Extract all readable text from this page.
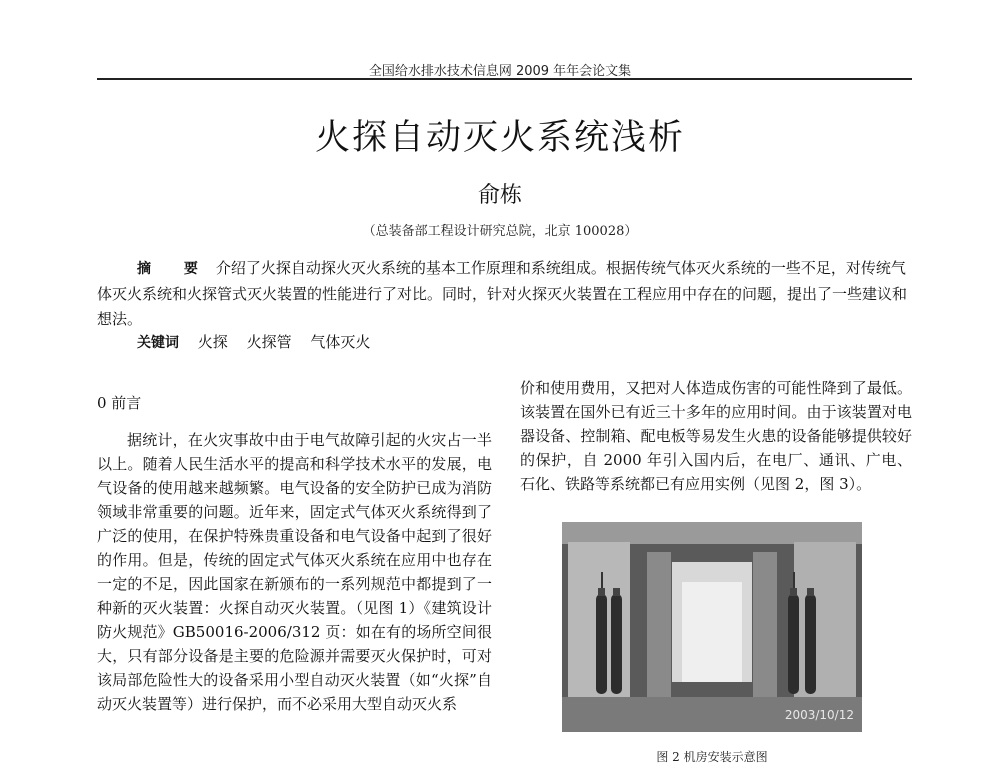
全国给水排水技术信息网 2009 年年会论文集
火探自动灭火系统浅析
俞栋
（总装备部工程设计研究总院，北京 100028）
摘 要 介绍了火探自动探火灭火系统的基本工作原理和系统组成。根据传统气体灭火系统的一些不足，对传统气体灭火系统和火探管式灭火装置的性能进行了对比。同时，针对火探灭火装置在工程应用中存在的问题，提出了一些建议和想法。
关键词 火探 火探管 气体灭火
0 前言
据统计，在火灾事故中由于电气故障引起的火灾占一半以上。随着人民生活水平的提高和科学技术水平的发展，电气设备的使用越来越频繁。电气设备的安全防护已成为消防领域非常重要的问题。近年来，固定式气体灭火系统得到了广泛的使用，在保护特殊贵重设备和电气设备中起到了很好的作用。但是，传统的固定式气体灭火系统在应用中也存在一定的不足，因此国家在新颁布的一系列规范中都提到了一种新的灭火装置：火探自动灭火装置。（见图 1）《建筑设计防火规范》GB50016-2006/312 页：如在有的场所空间很大，只有部分设备是主要的危险源并需要灭火保护时，可对该局部危险性大的设备采用小型自动灭火装置（如“火探”自动灭火装置等）进行保护，而不必采用大型自动灭火系
价和使用费用，又把对人体造成伤害的可能性降到了最低。该装置在国外已有近三十多年的应用时间。由于该装置对电器设备、控制箱、配电板等易发生火患的设备能够提供较好的保护，自 2000 年引入国内后，在电厂、通讯、广电、石化、铁路等系统都已有应用实例（见图 2，图 3）。
2003/10/12
图 2 机房安装示意图
